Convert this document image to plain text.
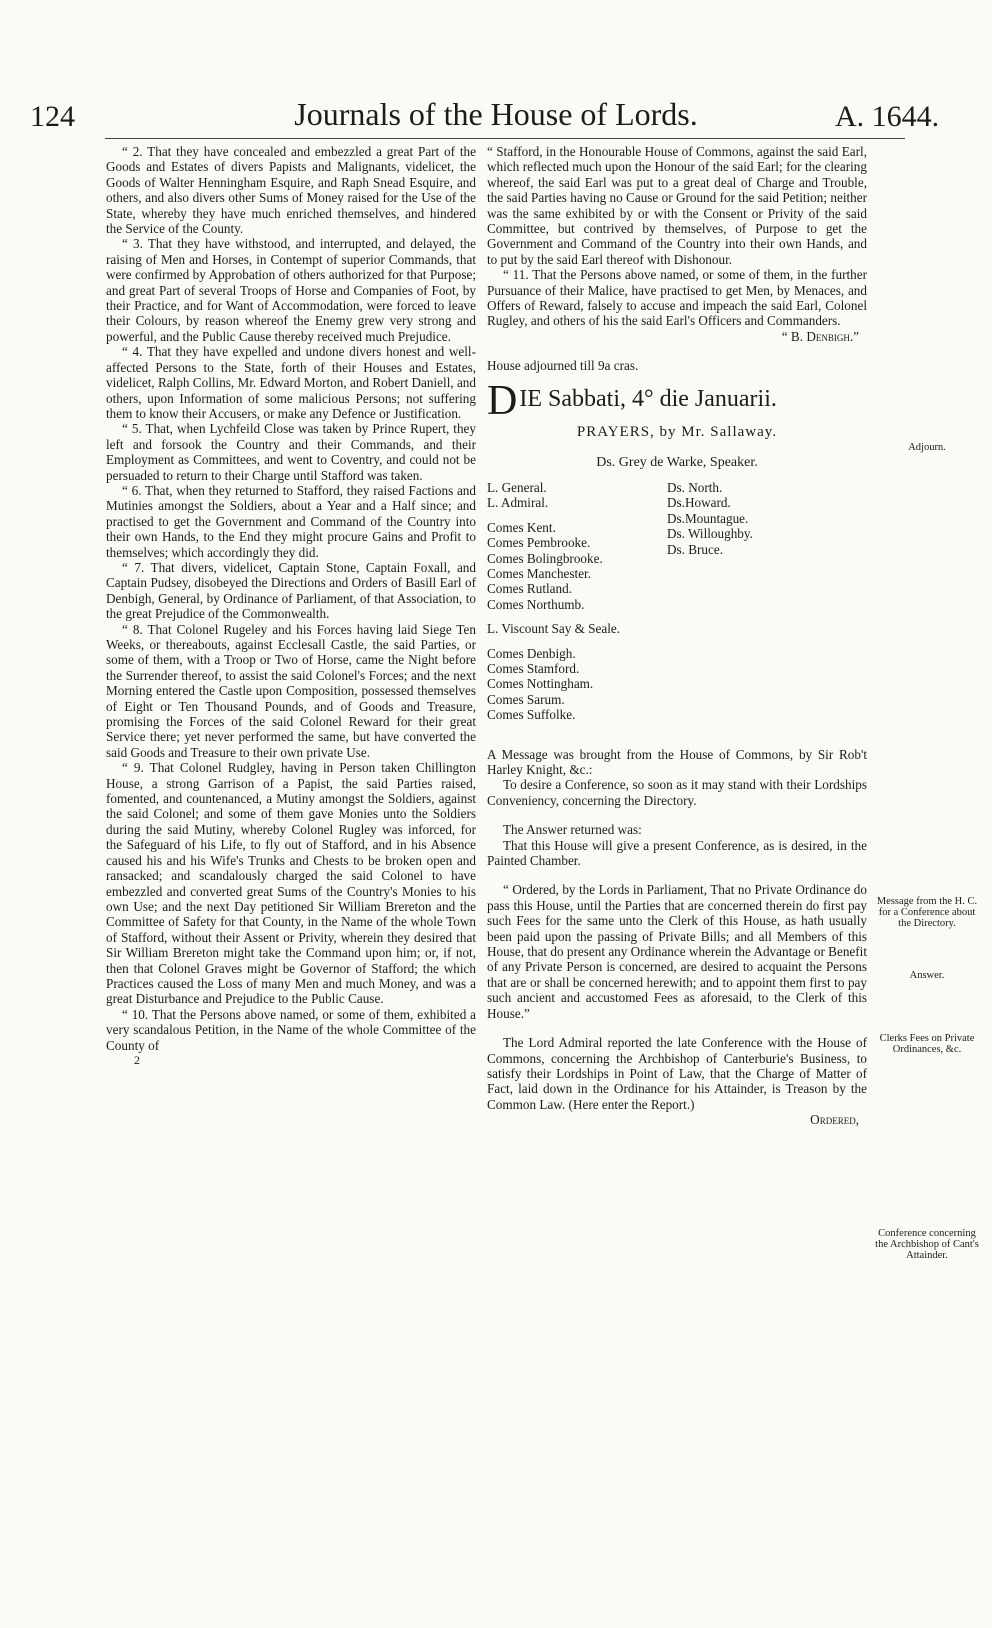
124	Journals of the House of Lords.	A. 1644.

“ 2. That they have concealed and embezzled a great Part of the Goods and Estates of divers Papists and Malignants, videlicet, the Goods of Walter Henningham Esquire, and Raph Snead Esquire, and others, and also divers other Sums of Money raised for the Use of the State, whereby they have much enriched themselves, and hindered the Service of the County.

“ 3. That they have withstood, and interrupted, and delayed, the raising of Men and Horses, in Contempt of superior Commands, that were confirmed by Approbation of others authorized for that Purpose; and great Part of several Troops of Horse and Companies of Foot, by their Practice, and for Want of Accommodation, were forced to leave their Colours, by reason whereof the Enemy grew very strong and powerful, and the Public Cause thereby received much Prejudice.

“ 4. That they have expelled and undone divers honest and well-affected Persons to the State, forth of their Houses and Estates, videlicet, Ralph Collins, Mr. Edward Morton, and Robert Daniell, and others, upon Information of some malicious Persons; not suffering them to know their Accusers, or make any Defence or Justification.

“ 5. That, when Lychfeild Close was taken by Prince Rupert, they left and forsook the Country and their Commands, and their Employment as Committees, and went to Coventry, and could not be persuaded to return to their Charge until Stafford was taken.

“ 6. That, when they returned to Stafford, they raised Factions and Mutinies amongst the Soldiers, about a Year and a Half since; and practised to get the Government and Command of the Country into their own Hands, to the End they might procure Gains and Profit to themselves; which accordingly they did.

“ 7. That divers, videlicet, Captain Stone, Captain Foxall, and Captain Pudsey, disobeyed the Directions and Orders of Basill Earl of Denbigh, General, by Ordinance of Parliament, of that Association, to the great Prejudice of the Commonwealth.

“ 8. That Colonel Rugeley and his Forces having laid Siege Ten Weeks, or thereabouts, against Ecclesall Castle, the said Parties, or some of them, with a Troop or Two of Horse, came the Night before the Surrender thereof, to assist the said Colonel's Forces; and the next Morning entered the Castle upon Composition, possessed themselves of Eight or Ten Thousand Pounds, and of Goods and Treasure, promising the Forces of the said Colonel Reward for their great Service there; yet never performed the same, but have converted the said Goods and Treasure to their own private Use.

“ 9. That Colonel Rudgley, having in Person taken Chillington House, a strong Garrison of a Papist, the said Parties raised, fomented, and countenanced, a Mutiny amongst the Soldiers, against the said Colonel; and some of them gave Monies unto the Soldiers during the said Mutiny, whereby Colonel Rugley was inforced, for the Safeguard of his Life, to fly out of Stafford, and in his Absence caused his and his Wife's Trunks and Chests to be broken open and ransacked; and scandalously charged the said Colonel to have embezzled and converted great Sums of the Country's Monies to his own Use; and the next Day petitioned Sir William Brereton and the Committee of Safety for that County, in the Name of the whole Town of Stafford, without their Assent or Privity, wherein they desired that Sir William Brereton might take the Command upon him; or, if not, then that Colonel Graves might be Governor of Stafford; the which Practices caused the Loss of many Men and much Money, and was a great Disturbance and Prejudice to the Public Cause.

“ 10. That the Persons above named, or some of them, exhibited a very scandalous Petition, in the Name of the whole Committee of the County of

2

“ Stafford, in the Honourable House of Commons, against the said Earl, which reflected much upon the Honour of the said Earl; for the clearing whereof, the said Earl was put to a great deal of Charge and Trouble, the said Parties having no Cause or Ground for the said Petition; neither was the same exhibited by or with the Consent or Privity of the said Committee, but contrived by themselves, of Purpose to get the Government and Command of the Country into their own Hands, and to put by the said Earl thereof with Dishonour.

“ 11. That the Persons above named, or some of them, in the further Pursuance of their Malice, have practised to get Men, by Menaces, and Offers of Reward, falsely to accuse and impeach the said Earl, Colonel Rugley, and others of his the said Earl's Officers and Commanders.

“ B. Denbigh.”

House adjourned till 9a cras.

DIE Sabbati, 4° die Januarii.

PRAYERS, by Mr. Sallaway.

Ds. Grey de Warke, Speaker.

L. General.
L. Admiral.
Comes Kent.
Comes Pembrooke.
Comes Bolingbrooke.
Comes Manchester.
Comes Rutland.
Comes Northumb.
L. Viscount Say & Seale.
Comes Denbigh.
Comes Stamford.
Comes Nottingham.
Comes Sarum.
Comes Suffolke.
Ds. North.
Ds.Howard.
Ds.Mountague.
Ds. Willoughby.
Ds. Bruce.

A Message was brought from the House of Commons, by Sir Rob't Harley Knight, &c.:

To desire a Conference, so soon as it may stand with their Lordships Conveniency, concerning the Directory.

The Answer returned was:

That this House will give a present Conference, as is desired, in the Painted Chamber.

“ Ordered, by the Lords in Parliament, That no Private Ordinance do pass this House, until the Parties that are concerned therein do first pay such Fees for the same unto the Clerk of this House, as hath usually been paid upon the passing of Private Bills; and all Members of this House, that do present any Ordinance wherein the Advantage or Benefit of any Private Person is concerned, are desired to acquaint the Persons that are or shall be concerned herewith; and to appoint them first to pay such ancient and accustomed Fees as aforesaid, to the Clerk of this House.”

The Lord Admiral reported the late Conference with the House of Commons, concerning the Archbishop of Canterburie's Business, to satisfy their Lordships in Point of Law, that the Charge of Matter of Fact, laid down in the Ordinance for his Attainder, is Treason by the Common Law. (Here enter the Report.)

Ordered,

Adjourn.
Message from the H. C. for a Conference about the Directory.
Answer.
Clerks Fees on Private Ordinances, &c.
Conference concerning the Archbishop of Cant's Attainder.
